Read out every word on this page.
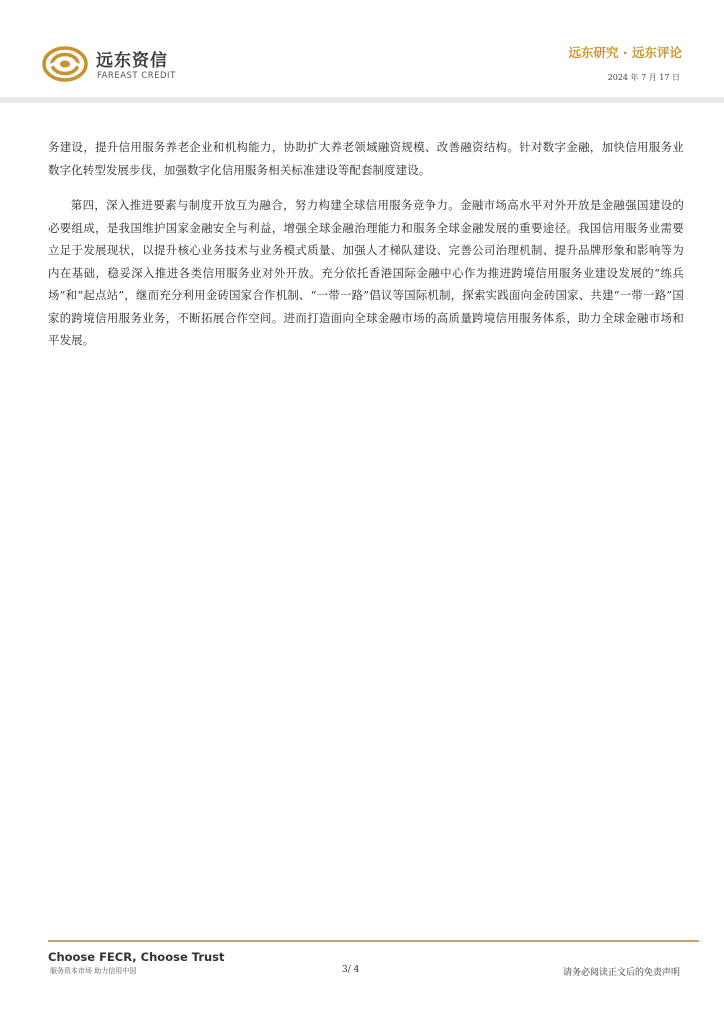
远东资信
FAREAST CREDIT
远东研究 · 远东评论
2024 年 7 月 17 日

务建设，提升信用服务养老企业和机构能力，协助扩大养老领域融资规模、改善融资结构。针对数字金融，加快信用服务业数字化转型发展步伐，加强数字化信用服务相关标准建设等配套制度建设。

第四，深入推进要素与制度开放互为融合，努力构建全球信用服务竞争力。金融市场高水平对外开放是金融强国建设的必要组成，是我国维护国家金融安全与利益，增强全球金融治理能力和服务全球金融发展的重要途径。我国信用服务业需要立足于发展现状，以提升核心业务技术与业务模式质量、加强人才梯队建设、完善公司治理机制、提升品牌形象和影响等为内在基础，稳妥深入推进各类信用服务业对外开放。充分依托香港国际金融中心作为推进跨境信用服务业建设发展的“练兵场”和“起点站”，继而充分利用金砖国家合作机制、“一带一路”倡议等国际机制，探索实践面向金砖国家、共建“一带一路”国家的跨境信用服务业务，不断拓展合作空间。进而打造面向全球金融市场的高质量跨境信用服务体系，助力全球金融市场和平发展。

Choose FECR, Choose Trust
服务资本市场 助力信用中国	3/ 4	请务必阅读正文后的免责声明
